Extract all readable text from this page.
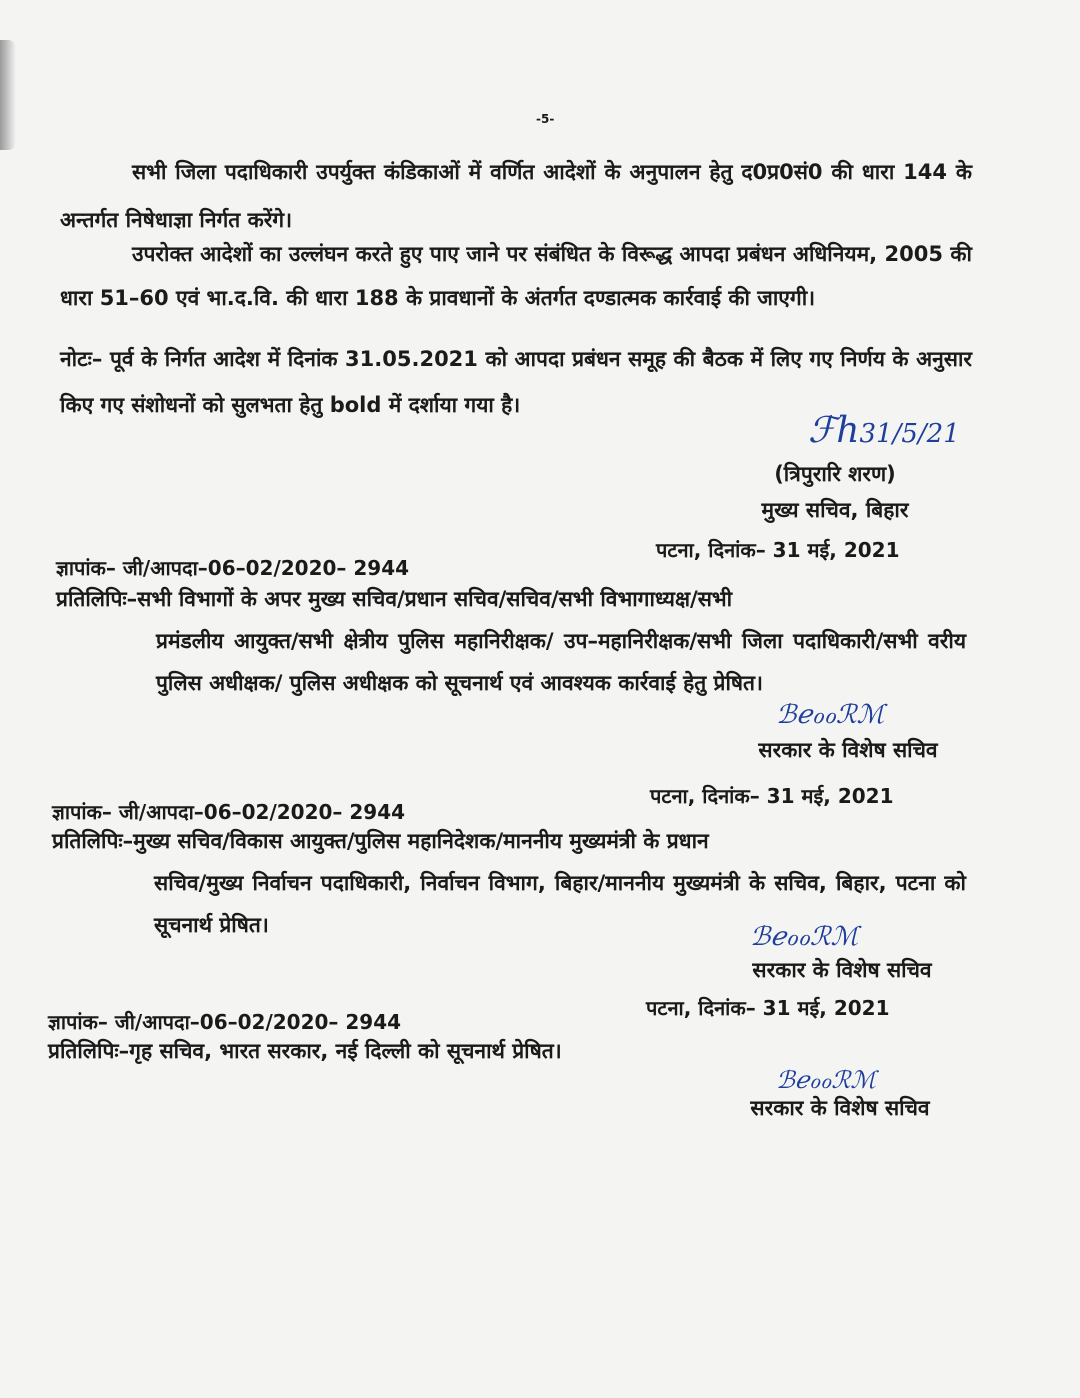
-5-
सभी जिला पदाधिकारी उपर्युक्त कंडिकाओं में वर्णित आदेशों के अनुपालन हेतु द0प्र0सं0 की धारा 144 के अन्तर्गत निषेधाज्ञा निर्गत करेंगे।
उपरोक्त आदेशों का उल्लंघन करते हुए पाए जाने पर संबंधित के विरूद्ध आपदा प्रबंधन अधिनियम, 2005 की धारा 51–60 एवं भा.द.वि. की धारा 188 के प्रावधानों के अंतर्गत दण्डात्मक कार्रवाई की जाएगी।
नोटः– पूर्व के निर्गत आदेश में दिनांक 31.05.2021 को आपदा प्रबंधन समूह की बैठक में लिए गए निर्णय के अनुसार किए गए संशोधनों को सुलभता हेतु bold में दर्शाया गया है।
ℱℎ31/5/21
(त्रिपुरारि शरण)
मुख्य सचिव, बिहार
ज्ञापांक– जी/आपदा–06–02/2020– 2944
पटना, दिनांक– 31 मई, 2021
प्रतिलिपिः–सभी विभागों के अपर मुख्य सचिव/प्रधान सचिव/सचिव/सभी विभागाध्यक्ष/सभी
प्रमंडलीय आयुक्त/सभी क्षेत्रीय पुलिस महानिरीक्षक/ उप–महानिरीक्षक/सभी जिला पदाधिकारी/सभी वरीय पुलिस अधीक्षक/ पुलिस अधीक्षक को सूचनार्थ एवं आवश्यक कार्रवाई हेतु प्रेषित।
ℬℯℴℴℛℳ
सरकार के विशेष सचिव
ज्ञापांक– जी/आपदा–06–02/2020– 2944
पटना, दिनांक– 31 मई, 2021
प्रतिलिपिः–मुख्य सचिव/विकास आयुक्त/पुलिस महानिदेशक/माननीय मुख्यमंत्री के प्रधान
सचिव/मुख्य निर्वाचन पदाधिकारी, निर्वाचन विभाग, बिहार/माननीय मुख्यमंत्री के सचिव, बिहार, पटना को सूचनार्थ प्रेषित।	ℬℯℴℴℛℳ
सरकार के विशेष सचिव
ज्ञापांक– जी/आपदा–06–02/2020– 2944
पटना, दिनांक– 31 मई, 2021
प्रतिलिपिः–गृह सचिव, भारत सरकार, नई दिल्ली को सूचनार्थ प्रेषित।
ℬℯℴℴℛℳ
सरकार के विशेष सचिव
